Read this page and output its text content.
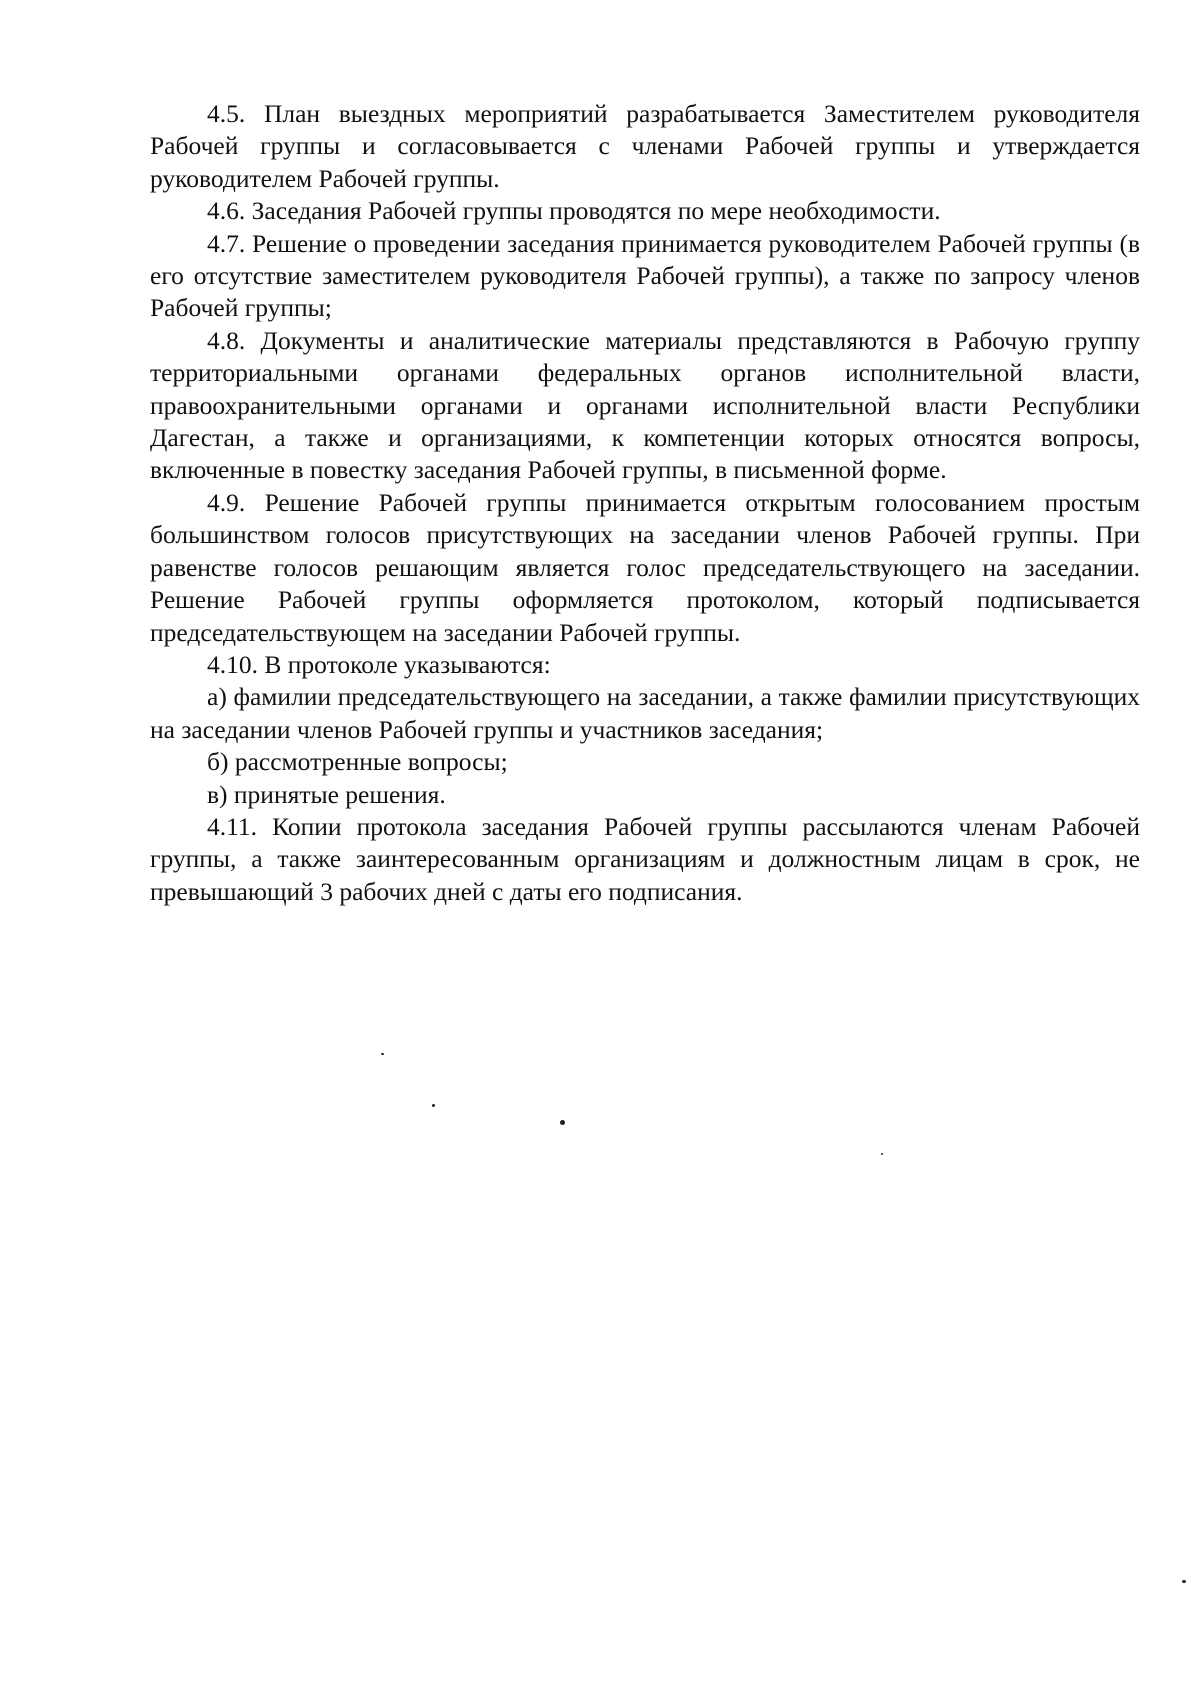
4.5. План выездных мероприятий разрабатывается Заместителем руководителя Рабочей группы и согласовывается с членами Рабочей группы и утверждается руководителем Рабочей группы.

4.6. Заседания Рабочей группы проводятся по мере необходимости.

4.7. Решение о проведении заседания принимается руководителем Рабочей группы (в его отсутствие заместителем руководителя Рабочей группы), а также по запросу членов Рабочей группы;

4.8. Документы и аналитические материалы представляются в Рабочую группу территориальными органами федеральных органов исполнительной власти, правоохранительными органами и органами исполнительной власти Республики Дагестан, а также и организациями, к компетенции которых относятся вопросы, включенные в повестку заседания Рабочей группы, в письменной форме.

4.9. Решение Рабочей группы принимается открытым голосованием простым большинством голосов присутствующих на заседании членов Рабочей группы. При равенстве голосов решающим является голос председательствующего на заседании. Решение Рабочей группы оформляется протоколом, который подписывается председательствующем на заседании Рабочей группы.

4.10. В протоколе указываются:

а) фамилии председательствующего на заседании, а также фамилии присутствующих на заседании членов Рабочей группы и участников заседания;

б) рассмотренные вопросы;

в) принятые решения.

4.11. Копии протокола заседания Рабочей группы рассылаются членам Рабочей группы, а также заинтересованным организациям и должностным лицам в срок, не превышающий 3 рабочих дней с даты его подписания.
